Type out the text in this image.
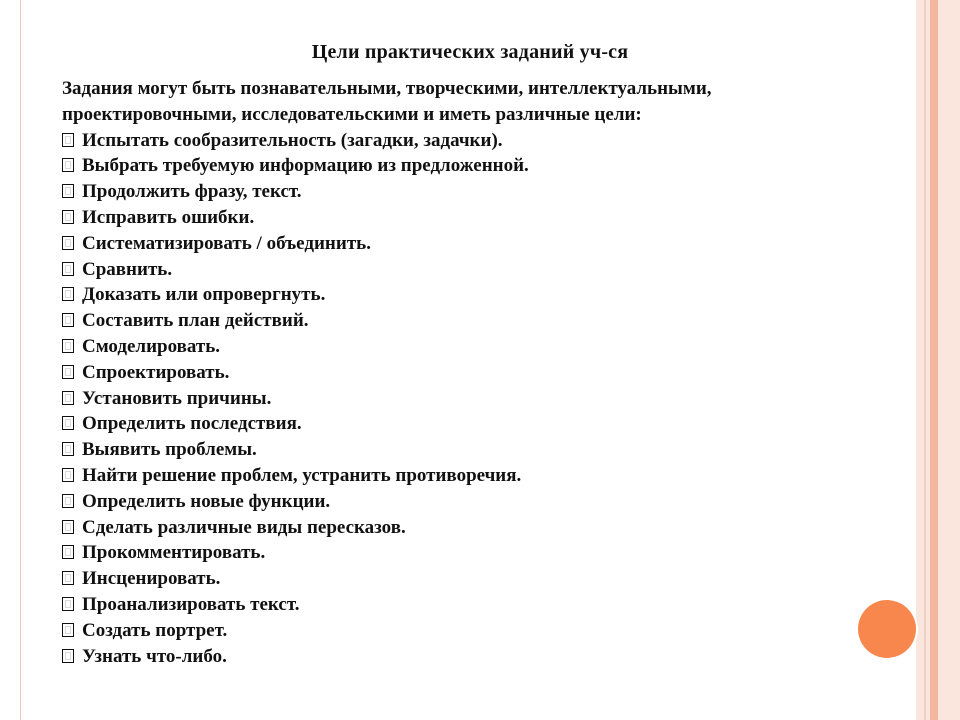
Цели практических заданий уч-ся

Задания могут быть познавательными, творческими, интеллектуальными,
проектировочными, исследовательскими и иметь различные цели:

Испытать сообразительность (загадки, задачки).
Выбрать требуемую информацию из предложенной.
Продолжить фразу, текст.
Исправить ошибки.
Систематизировать / объединить.
Сравнить.
Доказать или опровергнуть.
Составить план действий.
Смоделировать.
Спроектировать.
Установить причины.
Определить последствия.
Выявить проблемы.
Найти решение проблем, устранить противоречия.
Определить новые функции.
Сделать различные виды пересказов.
Прокомментировать.
Инсценировать.
Проанализировать текст.
Создать портрет.
Узнать что-либо.
